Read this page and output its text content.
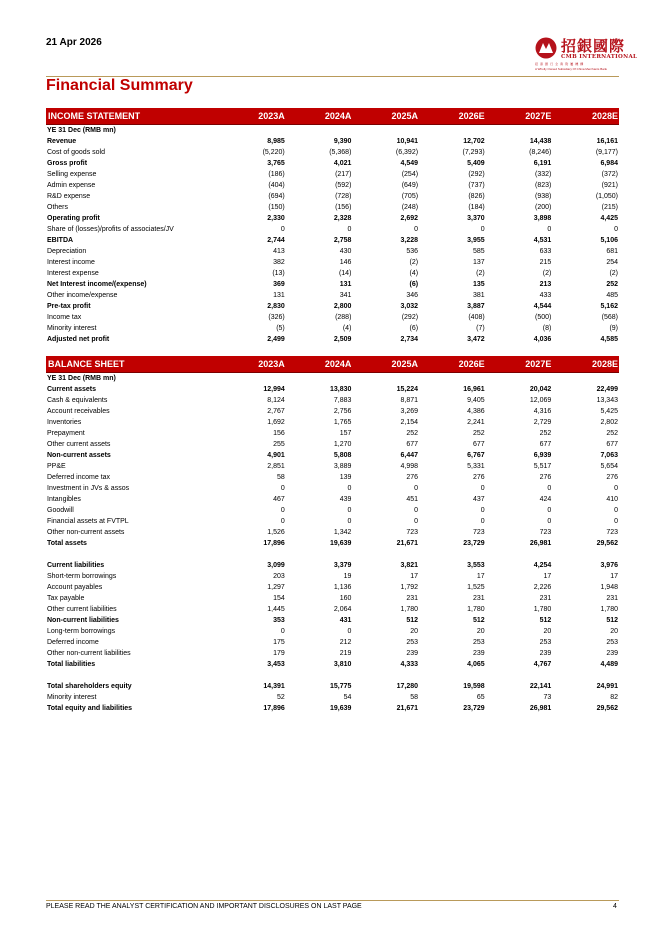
21 Apr 2026	招銀國際
CMB INTERNATIONAL
招 商 銀 行 全 資 附 屬 機 構
A Wholly Owned Subsidiary Of China Merchants Bank
Financial Summary
INCOME STATEMENT	2023A	2024A	2025A	2026E	2027E	2028E
YE 31 Dec (RMB mn)						
Revenue	8,985	9,390	10,941	12,702	14,438	16,161
Cost of goods sold	(5,220)	(5,368)	(6,392)	(7,293)	(8,246)	(9,177)
Gross profit	3,765	4,021	4,549	5,409	6,191	6,984
Selling expense	(186)	(217)	(254)	(292)	(332)	(372)
Admin expense	(404)	(592)	(649)	(737)	(823)	(921)
R&D expense	(694)	(728)	(705)	(826)	(938)	(1,050)
Others	(150)	(156)	(248)	(184)	(200)	(215)
Operating profit	2,330	2,328	2,692	3,370	3,898	4,425
Share of (losses)/profits of associates/JV	0	0	0	0	0	0
EBITDA	2,744	2,758	3,228	3,955	4,531	5,106
Depreciation	413	430	536	585	633	681
Interest income	382	146	(2)	137	215	254
Interest expense	(13)	(14)	(4)	(2)	(2)	(2)
Net Interest income/(expense)	369	131	(6)	135	213	252
Other income/expense	131	341	346	381	433	485
Pre-tax profit	2,830	2,800	3,032	3,887	4,544	5,162
Income tax	(326)	(288)	(292)	(408)	(500)	(568)
Minority interest	(5)	(4)	(6)	(7)	(8)	(9)
Adjusted net profit	2,499	2,509	2,734	3,472	4,036	4,585
BALANCE SHEET	2023A	2024A	2025A	2026E	2027E	2028E
YE 31 Dec (RMB mn)						
Current assets	12,994	13,830	15,224	16,961	20,042	22,499
Cash & equivalents	8,124	7,883	8,871	9,405	12,069	13,343
Account receivables	2,767	2,756	3,269	4,386	4,316	5,425
Inventories	1,692	1,765	2,154	2,241	2,729	2,802
Prepayment	156	157	252	252	252	252
Other current assets	255	1,270	677	677	677	677
Non-current assets	4,901	5,808	6,447	6,767	6,939	7,063
PP&E	2,851	3,889	4,998	5,331	5,517	5,654
Deferred income tax	58	139	276	276	276	276
Investment in JVs & assos	0	0	0	0	0	0
Intangibles	467	439	451	437	424	410
Goodwill	0	0	0	0	0	0
Financial assets at FVTPL	0	0	0	0	0	0
Other non-current assets	1,526	1,342	723	723	723	723
Total assets	17,896	19,639	21,671	23,729	26,981	29,562

Current liabilities	3,099	3,379	3,821	3,553	4,254	3,976
Short-term borrowings	203	19	17	17	17	17
Account payables	1,297	1,136	1,792	1,525	2,226	1,948
Tax payable	154	160	231	231	231	231
Other current liabilities	1,445	2,064	1,780	1,780	1,780	1,780
Non-current liabilities	353	431	512	512	512	512
Long-term borrowings	0	0	20	20	20	20
Deferred income	175	212	253	253	253	253
Other non-current liabilities	179	219	239	239	239	239
Total liabilities	3,453	3,810	4,333	4,065	4,767	4,489

Total shareholders equity	14,391	15,775	17,280	19,598	22,141	24,991
Minority interest	52	54	58	65	73	82
Total equity and liabilities	17,896	19,639	21,671	23,729	26,981	29,562
PLEASE READ THE ANALYST CERTIFICATION AND IMPORTANT DISCLOSURES ON LAST PAGE	4
